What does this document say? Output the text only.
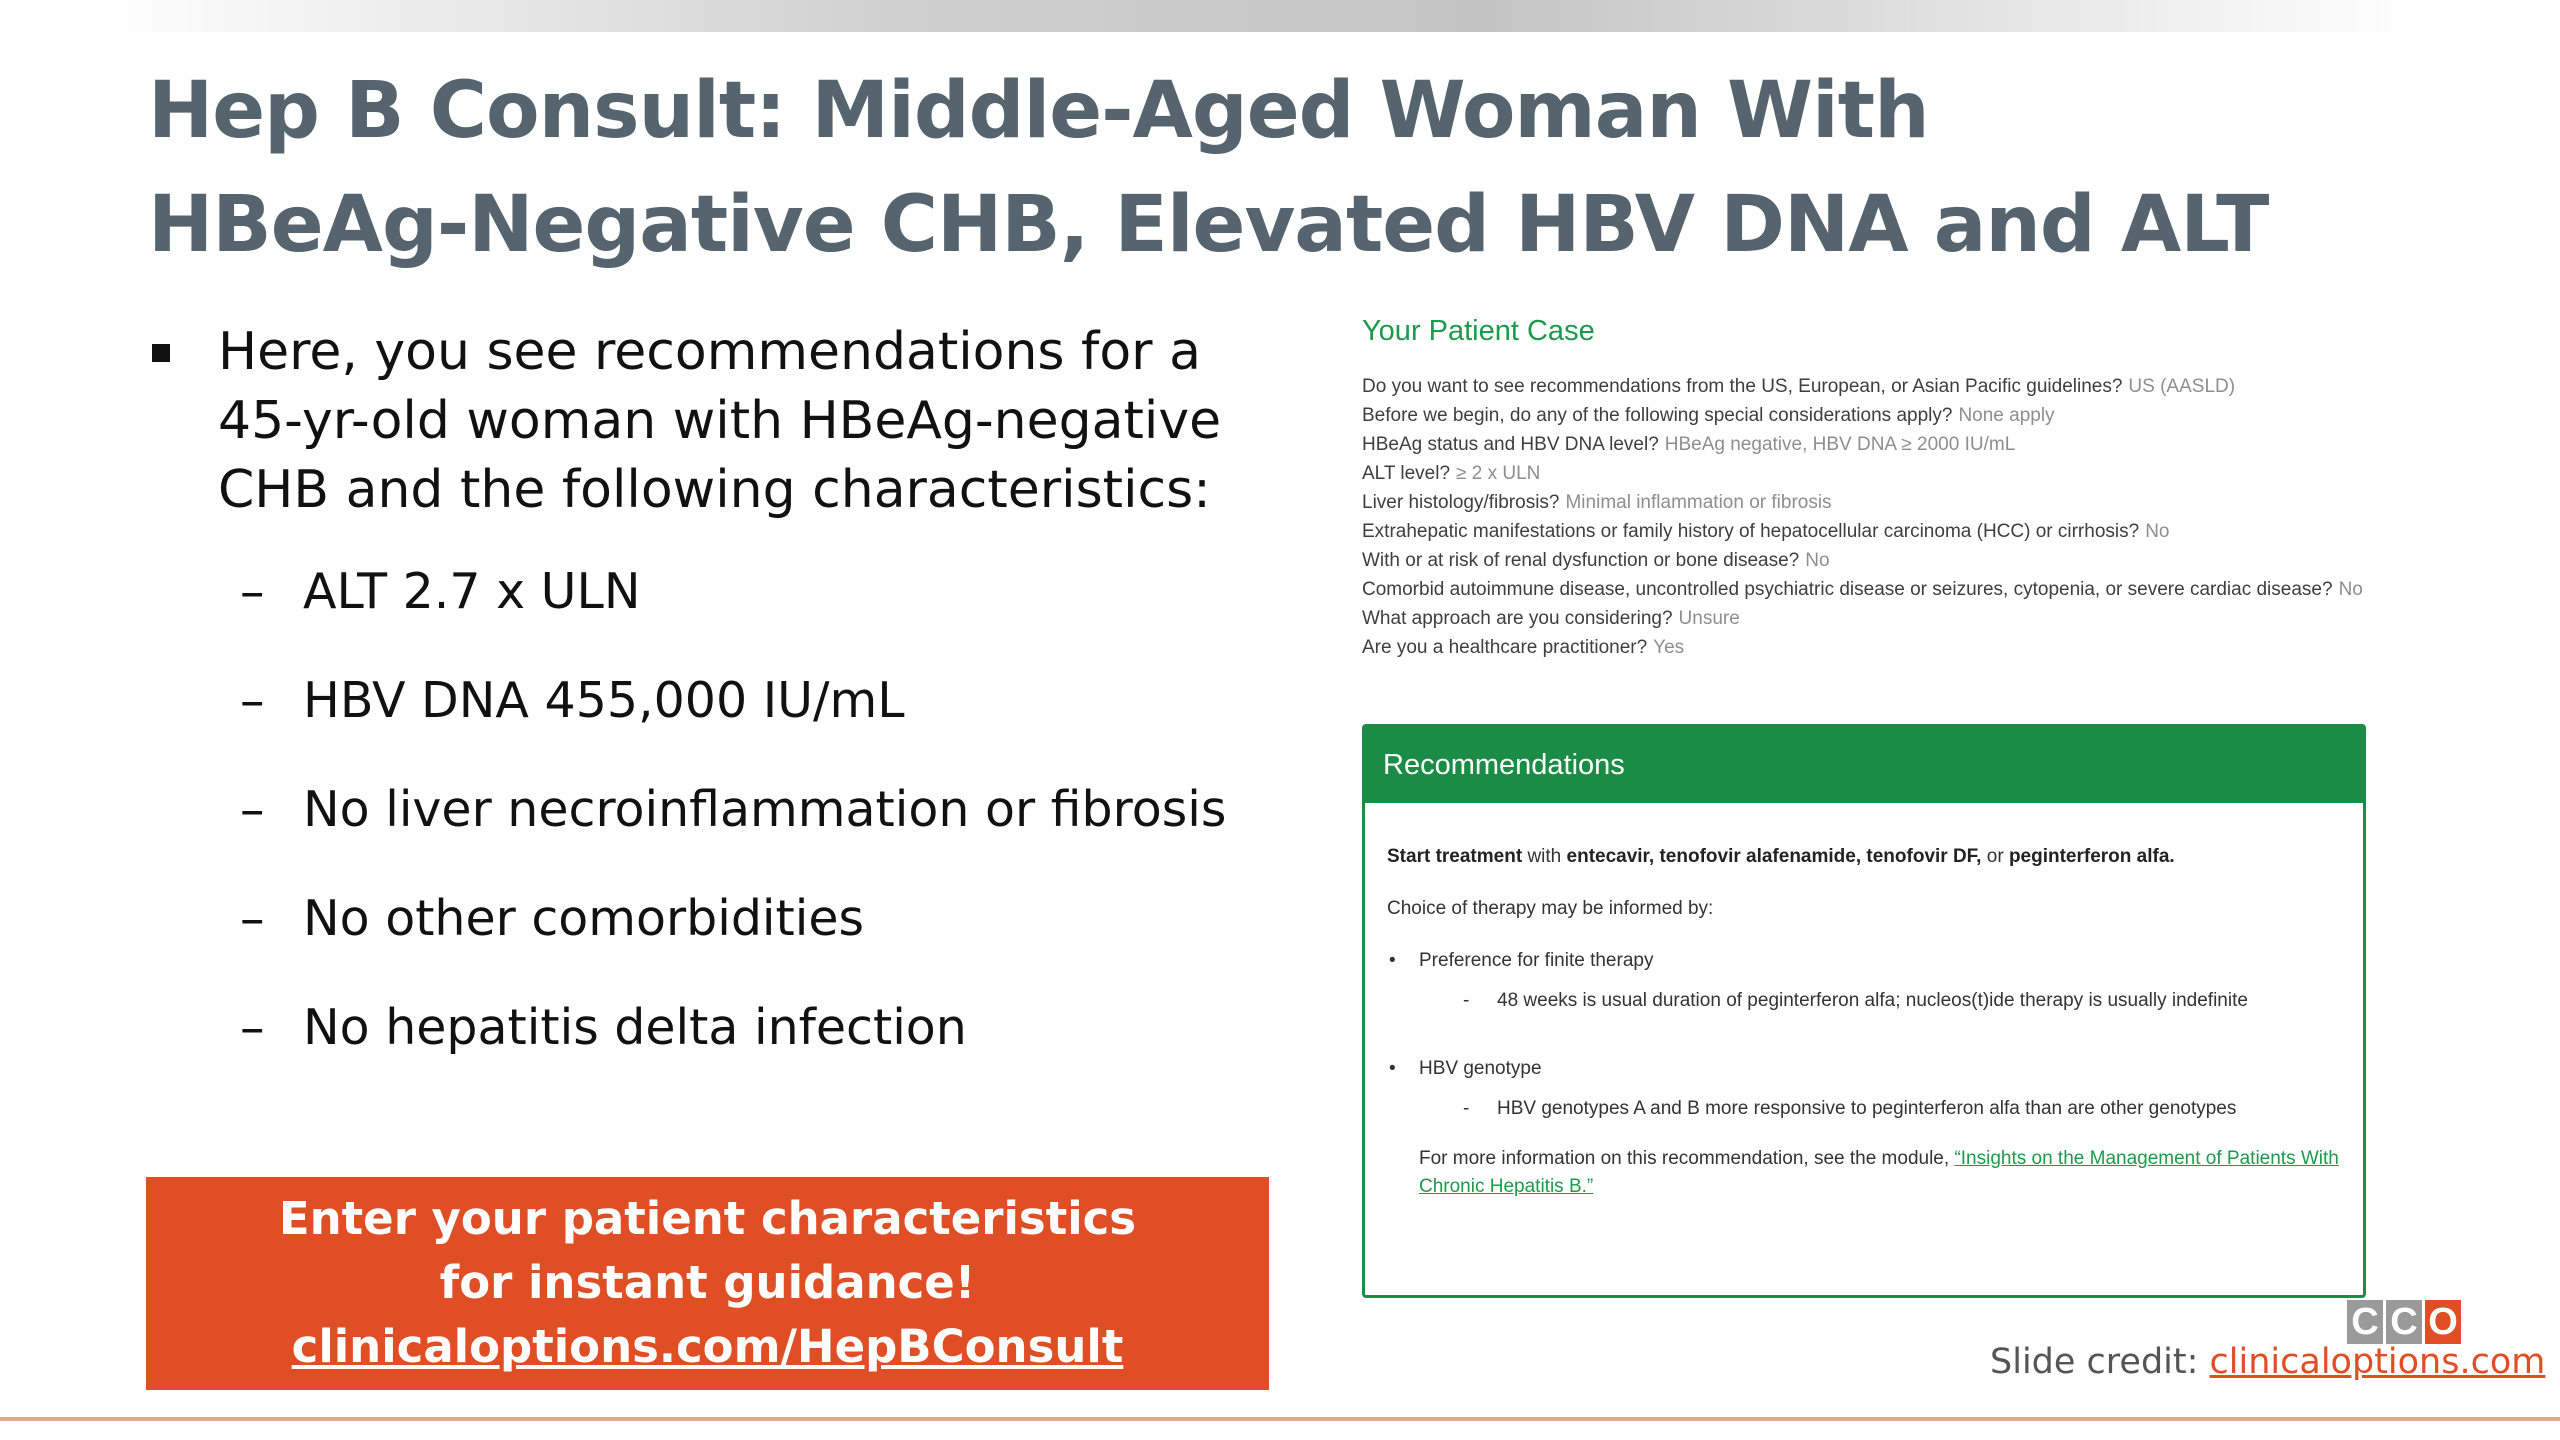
Hep B Consult: Middle-Aged Woman With
HBeAg-Negative CHB, Elevated HBV DNA and ALT
Here, you see recommendations for a 45-yr-old woman with HBeAg-negative CHB and the following characteristics:
– ALT 2.7 x ULN
– HBV DNA 455,000 IU/mL
– No liver necroinflammation or fibrosis
– No other comorbidities
– No hepatitis delta infection
Enter your patient characteristics
for instant guidance!
clinicaloptions.com/HepBConsult
Your Patient Case
Do you want to see recommendations from the US, European, or Asian Pacific guidelines? US (AASLD)
Before we begin, do any of the following special considerations apply? None apply
HBeAg status and HBV DNA level? HBeAg negative, HBV DNA ≥ 2000 IU/mL
ALT level? ≥ 2 x ULN
Liver histology/fibrosis? Minimal inflammation or fibrosis
Extrahepatic manifestations or family history of hepatocellular carcinoma (HCC) or cirrhosis? No
With or at risk of renal dysfunction or bone disease? No
Comorbid autoimmune disease, uncontrolled psychiatric disease or seizures, cytopenia, or severe cardiac disease? No
What approach are you considering? Unsure
Are you a healthcare practitioner? Yes
Recommendations

Start treatment with entecavir, tenofovir alafenamide, tenofovir DF, or peginterferon alfa.

Choice of therapy may be informed by:

• Preference for finite therapy
-	48 weeks is usual duration of peginterferon alfa; nucleos(t)ide therapy is usually indefinite
• HBV genotype
-	HBV genotypes A and B more responsive to peginterferon alfa than are other genotypes
For more information on this recommendation, see the module, “Insights on the Management of Patients With Chronic Hepatitis B.”
C C O
Slide credit: clinicaloptions.com
